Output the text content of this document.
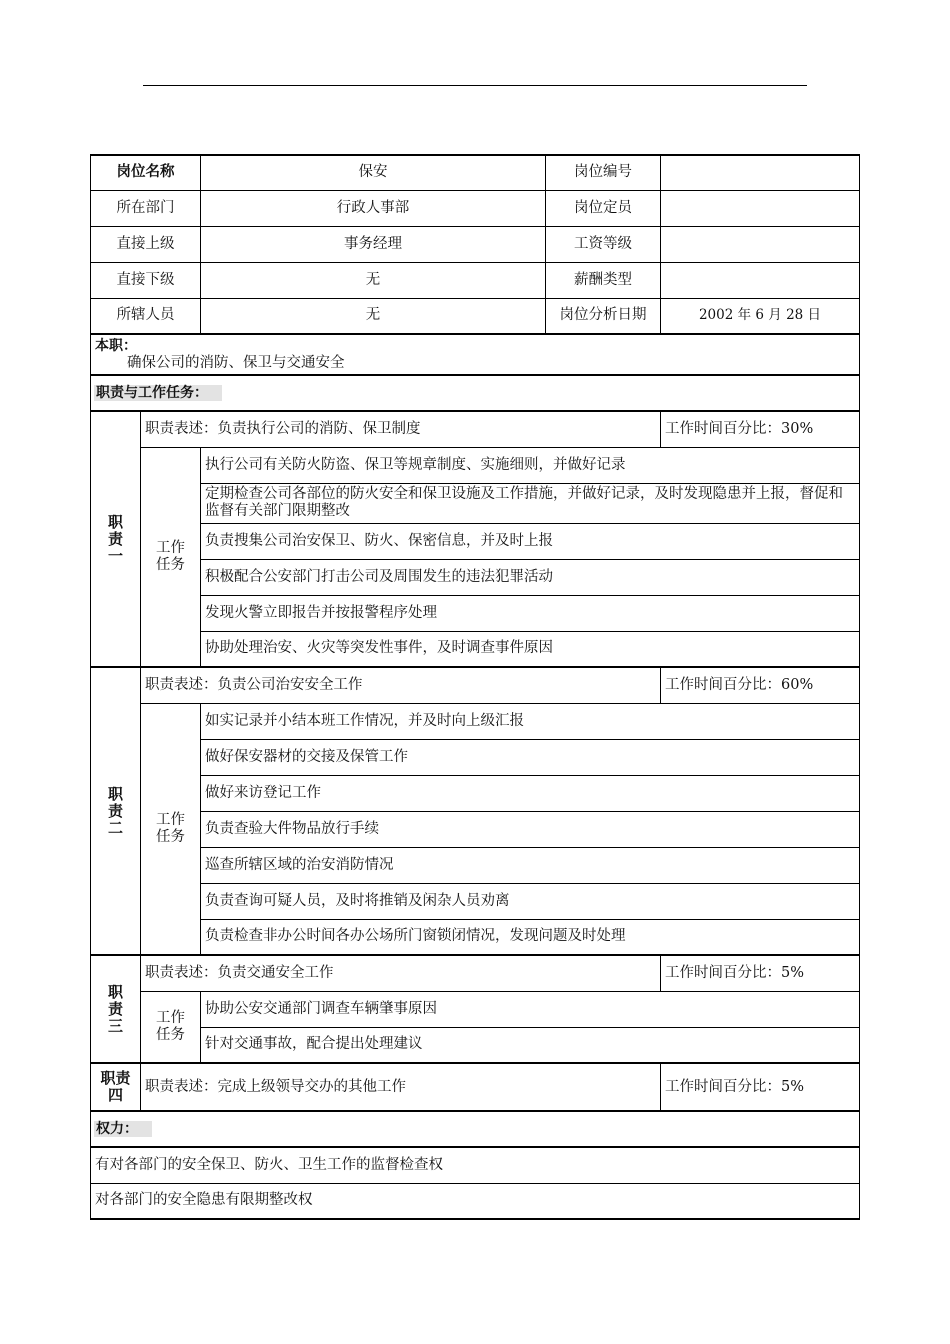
岗位名称		保安	岗位编号	
所在部门		行政人事部	岗位定员	
直接上级		事务经理	工资等级	
直接下级		无	薪酬类型	
所辖人员		无	岗位分析日期	2002 年 6 月 28 日

本职：
确保公司的消防、保卫与交通安全				

职责与工作任务：				

职责一	职责表述：负责执行公司的消防、保卫制度			工作时间百分比：30%

	工作任务	执行公司有关防火防盗、保卫等规章制度、实施细则，并做好记录		
		定期检查公司各部位的防火安全和保卫设施及工作措施，并做好记录，及时发现隐患并上报，督促和监督有关部门限期整改		
		负责搜集公司治安保卫、防火、保密信息，并及时上报		
		积极配合公安部门打击公司及周围发生的违法犯罪活动		
		发现火警立即报告并按报警程序处理		
		协助处理治安、火灾等突发性事件，及时调查事件原因		

职责二	职责表述：负责公司治安安全工作			工作时间百分比：60%

	工作任务	如实记录并小结本班工作情况，并及时向上级汇报		
		做好保安器材的交接及保管工作		
		做好来访登记工作		
		负责查验大件物品放行手续		
		巡查所辖区域的治安消防情况		
		负责查询可疑人员，及时将推销及闲杂人员劝离		
		负责检查非办公时间各办公场所门窗锁闭情况，发现问题及时处理		

职责三	职责表述：负责交通安全工作			工作时间百分比：5%

	工作任务	协助公安交通部门调查车辆肇事原因		
		针对交通事故，配合提出处理建议		

职责四	职责表述：完成上级领导交办的其他工作			工作时间百分比：5%
权力：				
有对各部门的安全保卫、防火、卫生工作的监督检查权				
对各部门的安全隐患有限期整改权				
